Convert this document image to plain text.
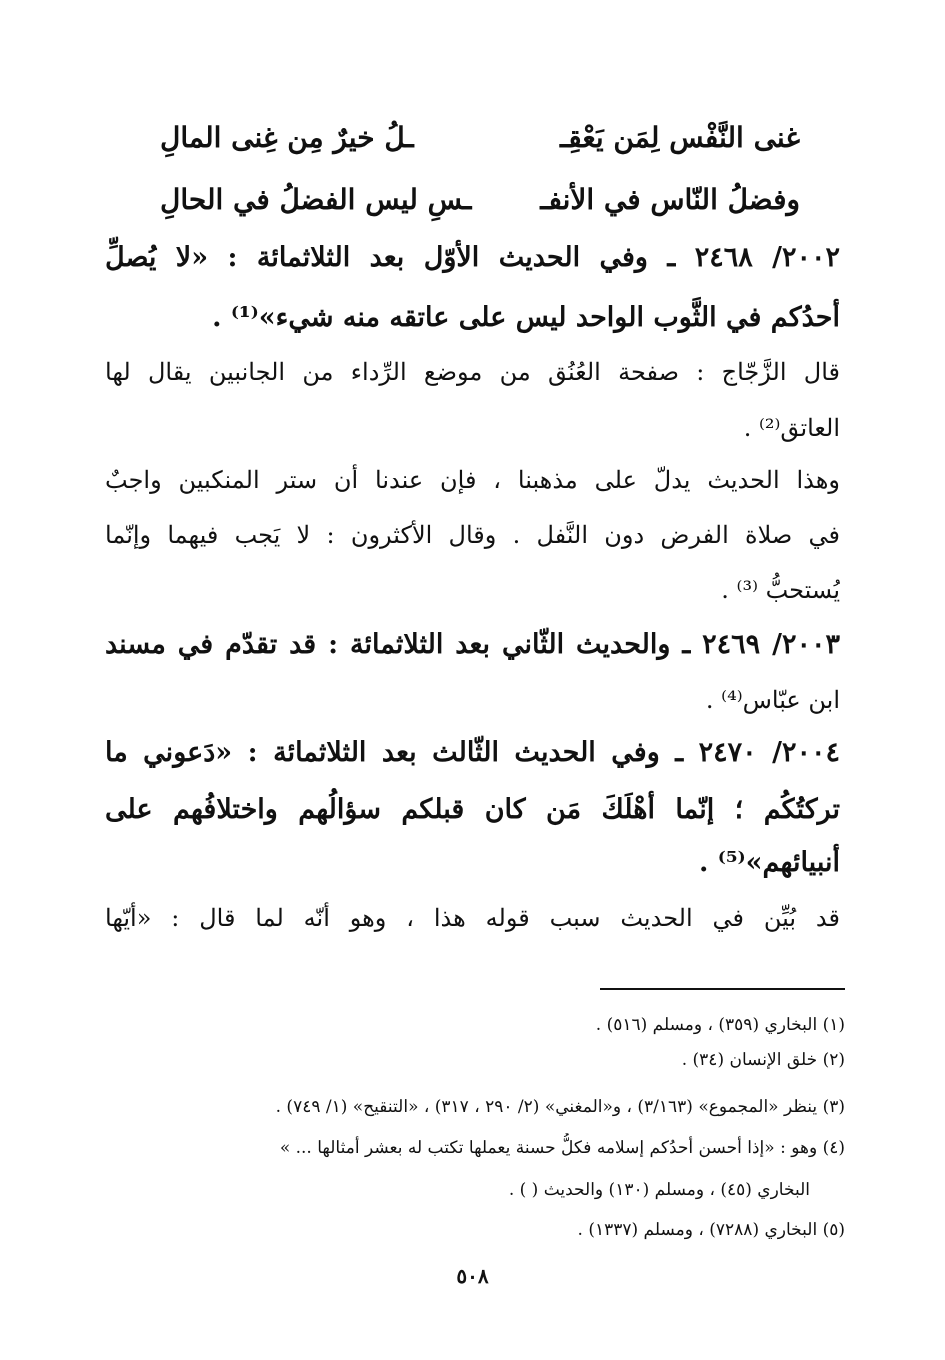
غنى النَّفْس لِمَن يَعْقِـ
ـلُ خيرٌ مِن غِنى المالِ
وفضلُ النّاس في الأنفـ
ـسِ ليس الفضلُ في الحالِ
٢٠٠٢/ ٢٤٦٨ ـ وفي الحديث الأوّل بعد الثلاثمائة : «لا يُصلِّ
أحدُكم في الثَّوب الواحد ليس على عاتقه منه شيء»⁽¹⁾ .
قال الزَّجّاج : صفحة العُنُق من موضع الرِّداء من الجانبين يقال لها
العاتق⁽²⁾ .
وهذا الحديث يدلّ على مذهبنا ، فإن عندنا أن ستر المنكبين واجبٌ
في صلاة الفرض دون النَّفل . وقال الأكثرون : لا يَجب فيهما وإنّما
يُستحبُّ ⁽³⁾ .
٢٠٠٣/ ٢٤٦٩ ـ والحديث الثّاني بعد الثلاثمائة : قد تقدّم في مسند
ابن عبّاس⁽⁴⁾ .
٢٠٠٤/ ٢٤٧٠ ـ وفي الحديث الثّالث بعد الثلاثمائة : «دَعوني ما
تركتُكُم ؛ إنّما أهْلَكَ مَن كان قبلكم سؤالُهم واختلافُهم على
أنبيائهم»⁽⁵⁾ .
قد بُيِّن في الحديث سبب قوله هذا ، وهو أنّه لما قال : «أيّها
(١) البخاري (٣٥٩) ، ومسلم (٥١٦) .
(٢) خلق الإنسان (٣٤) .
(٣) ينظر «المجموع» (٣/١٦٣) ، و«المغني» (٢/ ٢٩٠ ، ٣١٧) ، «التنقيح» (١/ ٧٤٩) .
(٤) وهو : «إذا أحسن أحدُكم إسلامه فكلُّ حسنة يعملها تكتب له بعشر أمثالها ... »
البخاري (٤٥) ، ومسلم (١٣٠) والحديث ( ) .
(٥) البخاري (٧٢٨٨) ، ومسلم (١٣٣٧) .
٥٠٨
